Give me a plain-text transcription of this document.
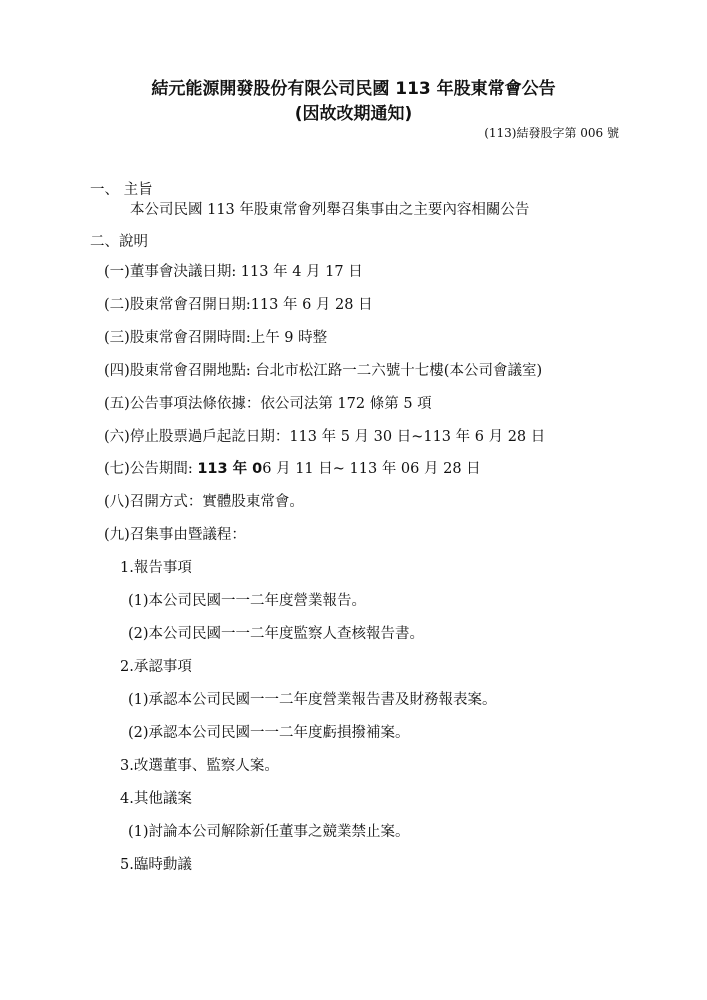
結元能源開發股份有限公司民國 113 年股東常會公告
(因故改期通知)
(113)結發股字第 006 號
一、 主旨
本公司民國 113 年股東常會列舉召集事由之主要內容相關公告
二、說明
(一)董事會決議日期: 113 年 4 月 17 日
(二)股東常會召開日期:113 年 6 月 28 日
(三)股東常會召開時間:上午 9 時整
(四)股東常會召開地點: 台北市松江路一二六號十七樓(本公司會議室)
(五)公告事項法條依據：依公司法第 172 條第 5 項
(六)停止股票過戶起訖日期：113 年 5 月 30 日~113 年 6 月 28 日
(七)公告期間: 113 年 06 月 11 日~ 113 年 06 月 28 日
(八)召開方式：實體股東常會。
(九)召集事由暨議程：
1.報告事項
(1)本公司民國一一二年度營業報告。
(2)本公司民國一一二年度監察人查核報告書。
2.承認事項
(1)承認本公司民國一一二年度營業報告書及財務報表案。
(2)承認本公司民國一一二年度虧損撥補案。
3.改選董事、監察人案。
4.其他議案
(1)討論本公司解除新任董事之競業禁止案。
5.臨時動議
